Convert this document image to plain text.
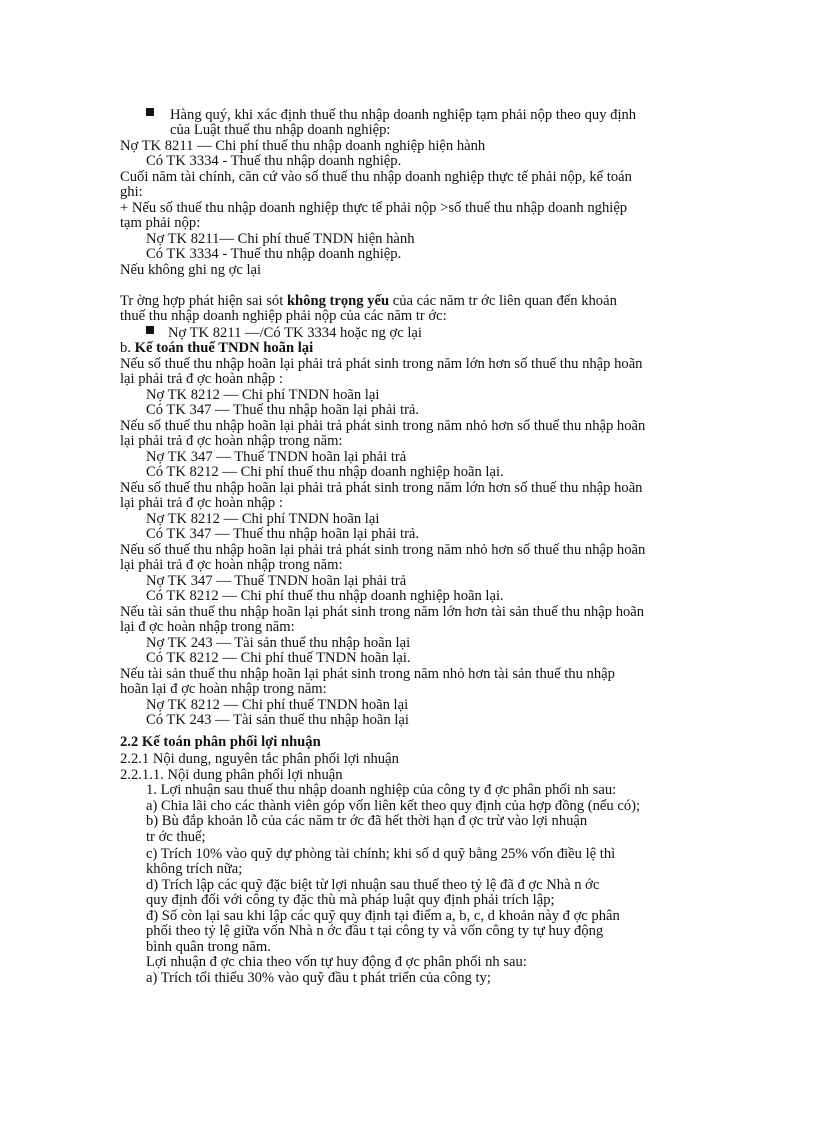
Hàng quý, khi xác định thuế thu nhập doanh nghiệp tạm phải nộp theo quy định

của Luật thuế thu nhập doanh nghiệp:

Nợ TK 8211 — Chi phí thuế thu nhập doanh nghiệp hiện hành

Có TK 3334 - Thuế thu nhập doanh nghiệp.

Cuối năm tài chính, căn cứ vào số thuế thu nhập doanh nghiệp thực tế phải nộp, kế toán

ghi:

+ Nếu số thuế thu nhập doanh nghiệp thực tế phải nộp >số thuế thu nhập doanh nghiệp

tạm phải nộp:

Nợ TK 8211— Chi phí thuế TNDN hiện hành

Có TK 3334 - Thuế thu nhập doanh nghiệp.

Nếu không ghi ng ợc lại

Tr ờng hợp phát hiện sai sót không trọng yếu của các năm tr ớc liên quan đến khoản

thuế thu nhập doanh nghiệp phải nộp của các năm tr ớc:

Nợ TK 8211 —/Có TK 3334 hoặc ng ợc lại

b. Kế toán thuế TNDN hoãn lại

Nếu số thuế thu nhập hoãn lại phải trả phát sinh trong năm lớn hơn số thuế thu nhập hoãn

lại phải trả đ ợc hoàn nhập :

Nợ TK 8212 — Chi phí TNDN hoãn lại

Có TK 347 — Thuế thu nhập hoãn lại phải trả.

Nếu số thuế thu nhập hoãn lại phải trả phát sinh trong năm nhỏ hơn số thuế thu nhập hoãn

lại phải trả đ ợc hoàn nhập trong năm:

Nợ TK 347 — Thuế TNDN hoãn lại phải trả

Có TK 8212 — Chi phí thuế thu nhập doanh nghiệp hoãn lại.

Nếu số thuế thu nhập hoãn lại phải trả phát sinh trong năm lớn hơn số thuế thu nhập hoãn

lại phải trả đ ợc hoàn nhập :

Nợ TK 8212 — Chi phí TNDN hoãn lại

Có TK 347 — Thuế thu nhập hoãn lại phải trả.

Nếu số thuế thu nhập hoãn lại phải trả phát sinh trong năm nhỏ hơn số thuế thu nhập hoãn

lại phải trả đ ợc hoàn nhập trong năm:

Nợ TK 347 — Thuế TNDN hoãn lại phải trả

Có TK 8212 — Chi phí thuế thu nhập doanh nghiệp hoãn lại.

Nếu tài sản thuế thu nhập hoãn lại phát sinh trong năm lớn hơn tài sản thuế thu nhập hoãn

lại đ ợc hoàn nhập trong năm:

Nợ TK 243 — Tài sản thuế thu nhập hoãn lại

Có TK 8212 — Chi phí thuế TNDN hoãn lại.

Nếu tài sản thuế thu nhập hoãn lại phát sinh trong năm nhỏ hơn tài sản thuế thu nhập

hoãn lại đ ợc hoàn nhập trong năm:

Nợ TK 8212 — Chi phí thuế TNDN hoãn lại

Có TK 243 — Tài sản thuế thu nhập hoãn lại

2.2 Kế toán phân phối lợi nhuận

2.2.1 Nội dung, nguyên tắc phân phối lợi nhuận

2.2.1.1. Nội dung phân phối lợi nhuận

1. Lợi nhuận sau thuế thu nhập doanh nghiệp của công ty đ ợc phân phối nh sau:

a) Chia lãi cho các thành viên góp vốn liên kết theo quy định của hợp đồng (nếu có);

b) Bù đắp khoản lỗ của các năm tr ớc đã hết thời hạn đ ợc trừ vào lợi nhuận

tr ớc thuế;

c) Trích 10% vào quỹ dự phòng tài chính; khi số d quỹ bằng 25% vốn điều lệ thì

không trích nữa;

d) Trích lập các quỹ đặc biệt từ lợi nhuận sau thuế theo tỷ lệ đã đ ợc Nhà n ớc

quy định đối với công ty đặc thù mà pháp luật quy định phải trích lập;

đ) Số còn lại sau khi lập các quỹ quy định tại điểm a, b, c, d khoản này đ ợc phân

phối theo tỷ lệ giữa vốn Nhà n ớc đầu t tại công ty và vốn công ty tự huy động

bình quân trong năm.

Lợi nhuận đ ợc chia theo vốn tự huy động đ ợc phân phối nh sau:

a) Trích tối thiểu 30% vào quỹ đầu t phát triển của công ty;
